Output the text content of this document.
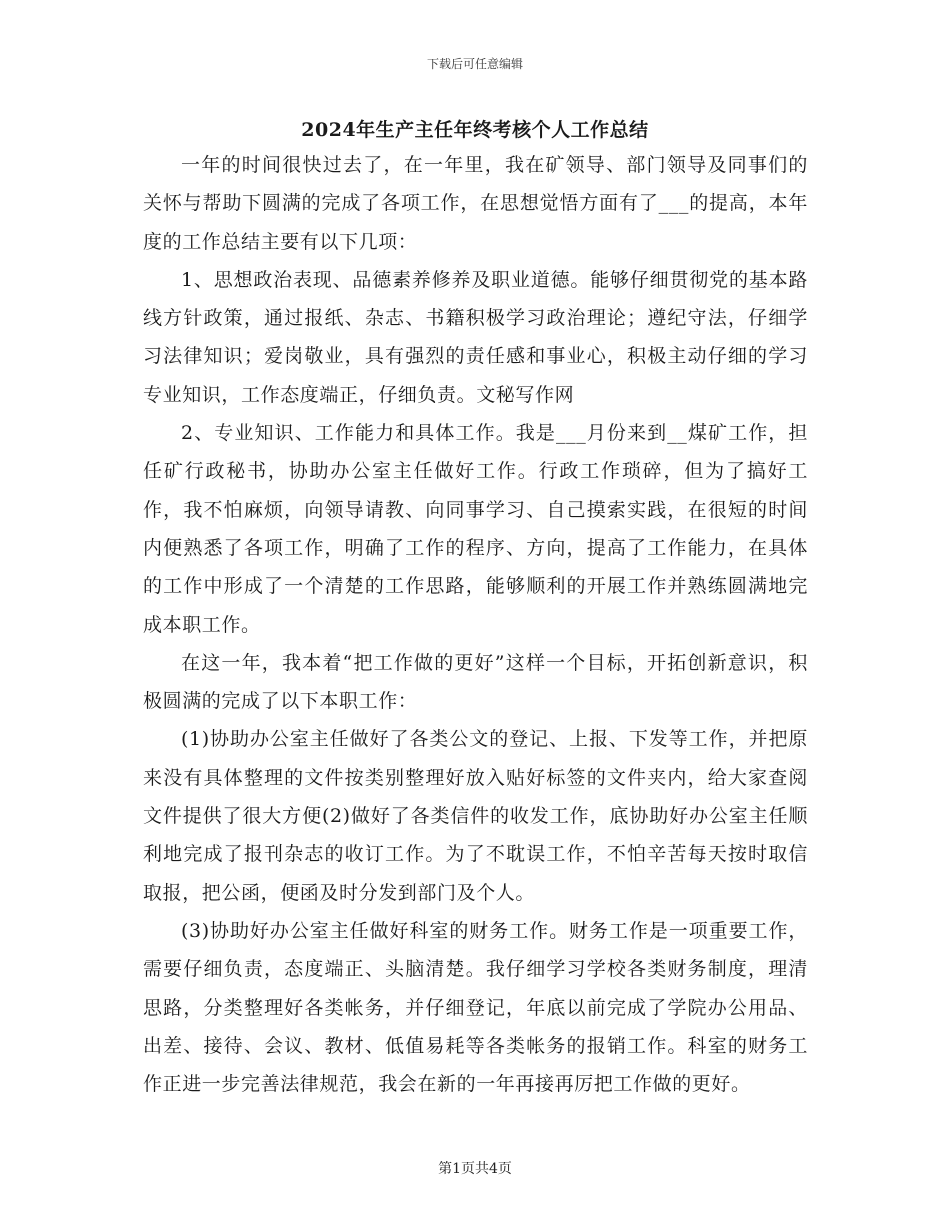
下载后可任意编辑
2024年生产主任年终考核个人工作总结

一年的时间很快过去了，在一年里，我在矿领导、部门领导及同事们的关怀与帮助下圆满的完成了各项工作，在思想觉悟方面有了___的提高，本年度的工作总结主要有以下几项：

1、思想政治表现、品德素养修养及职业道德。能够仔细贯彻党的基本路线方针政策，通过报纸、杂志、书籍积极学习政治理论；遵纪守法，仔细学习法律知识；爱岗敬业，具有强烈的责任感和事业心，积极主动仔细的学习专业知识，工作态度端正，仔细负责。文秘写作网

2、专业知识、工作能力和具体工作。我是___月份来到__煤矿工作，担任矿行政秘书，协助办公室主任做好工作。行政工作琐碎，但为了搞好工作，我不怕麻烦，向领导请教、向同事学习、自己摸索实践，在很短的时间内便熟悉了各项工作，明确了工作的程序、方向，提高了工作能力，在具体的工作中形成了一个清楚的工作思路，能够顺利的开展工作并熟练圆满地完成本职工作。

在这一年，我本着“把工作做的更好”这样一个目标，开拓创新意识，积极圆满的完成了以下本职工作：

(1)协助办公室主任做好了各类公文的登记、上报、下发等工作，并把原来没有具体整理的文件按类别整理好放入贴好标签的文件夹内，给大家查阅文件提供了很大方便(2)做好了各类信件的收发工作，底协助好办公室主任顺利地完成了报刊杂志的收订工作。为了不耽误工作，不怕辛苦每天按时取信取报，把公函，便函及时分发到部门及个人。

(3)协助好办公室主任做好科室的财务工作。财务工作是一项重要工作，需要仔细负责，态度端正、头脑清楚。我仔细学习学校各类财务制度，理清思路，分类整理好各类帐务，并仔细登记，年底以前完成了学院办公用品、出差、接待、会议、教材、低值易耗等各类帐务的报销工作。科室的财务工作正进一步完善法律规范，我会在新的一年再接再厉把工作做的更好。

第1页共4页
